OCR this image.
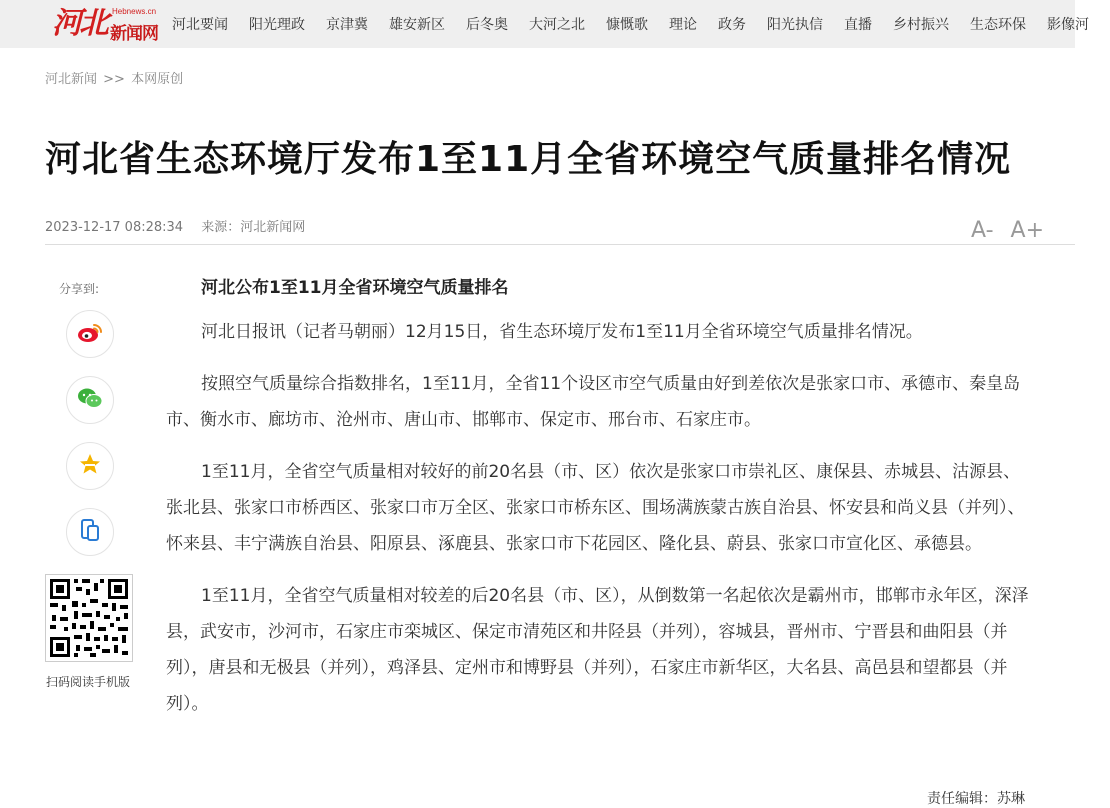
河北 Hebnews.cn
新闻网 河北要闻 阳光理政 京津冀 雄安新区 后冬奥 大河之北 慷慨歌 理论 政务 阳光执信 直播 乡村振兴 生态环保 影像河
河北新闻 >> 本网原创
河北省生态环境厅发布1至11月全省环境空气质量排名情况
2023-12-17 08:28:34 来源：河北新闻网	A- A+
分享到:
扫码阅读手机版
河北公布1至11月全省环境空气质量排名

河北日报讯（记者马朝丽）12月15日，省生态环境厅发布1至11月全省环境空气质量排名情况。

按照空气质量综合指数排名，1至11月，全省11个设区市空气质量由好到差依次是张家口市、承德市、秦皇岛市、衡水市、廊坊市、沧州市、唐山市、邯郸市、保定市、邢台市、石家庄市。

1至11月，全省空气质量相对较好的前20名县（市、区）依次是张家口市崇礼区、康保县、赤城县、沽源县、张北县、张家口市桥西区、张家口市万全区、张家口市桥东区、围场满族蒙古族自治县、怀安县和尚义县（并列）、怀来县、丰宁满族自治县、阳原县、涿鹿县、张家口市下花园区、隆化县、蔚县、张家口市宣化区、承德县。

1至11月，全省空气质量相对较差的后20名县（市、区），从倒数第一名起依次是霸州市，邯郸市永年区，深泽县，武安市，沙河市，石家庄市栾城区、保定市清苑区和井陉县（并列），容城县，晋州市、宁晋县和曲阳县（并列），唐县和无极县（并列），鸡泽县、定州市和博野县（并列），石家庄市新华区，大名县、高邑县和望都县（并列）。

责任编辑：苏琳
